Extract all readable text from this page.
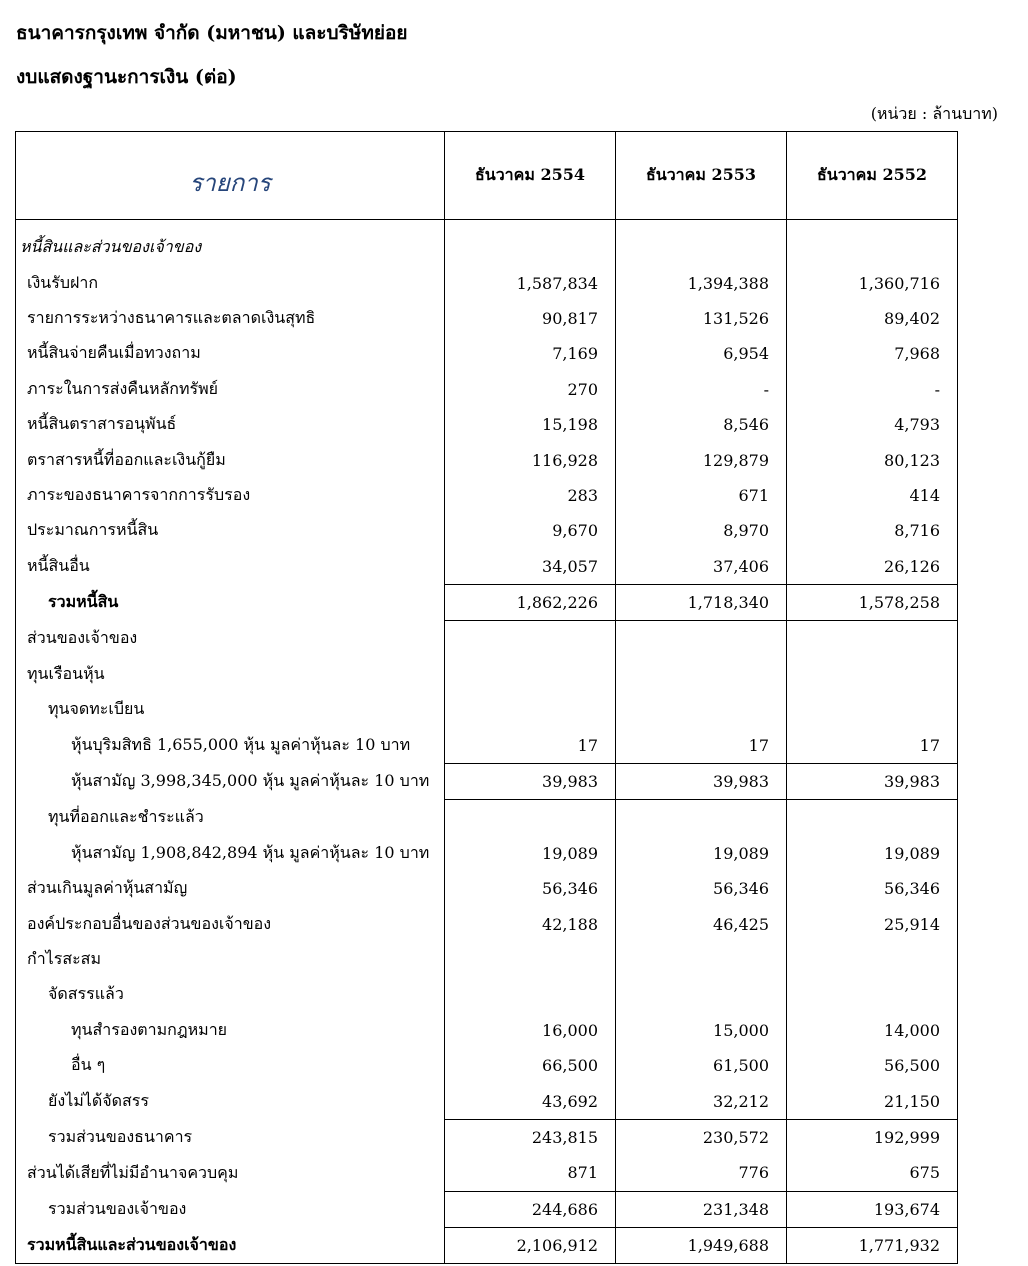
ธนาคารกรุงเทพ จำกัด (มหาชน) และบริษัทย่อย
งบแสดงฐานะการเงิน (ต่อ)
(หน่วย : ล้านบาท)
รายการ	ธันวาคม 2554	ธันวาคม 2553	ธันวาคม 2552
หนี้สินและส่วนของเจ้าของ			
เงินรับฝาก	1,587,834	1,394,388	1,360,716
รายการระหว่างธนาคารและตลาดเงินสุทธิ	90,817	131,526	89,402
หนี้สินจ่ายคืนเมื่อทวงถาม	7,169	6,954	7,968
ภาระในการส่งคืนหลักทรัพย์	270	-	-
หนี้สินตราสารอนุพันธ์	15,198	8,546	4,793
ตราสารหนี้ที่ออกและเงินกู้ยืม	116,928	129,879	80,123
ภาระของธนาคารจากการรับรอง	283	671	414
ประมาณการหนี้สิน	9,670	8,970	8,716
หนี้สินอื่น	34,057	37,406	26,126
รวมหนี้สิน	1,862,226	1,718,340	1,578,258
ส่วนของเจ้าของ			
ทุนเรือนหุ้น			
ทุนจดทะเบียน			
หุ้นบุริมสิทธิ 1,655,000 หุ้น มูลค่าหุ้นละ 10 บาท	17	17	17
หุ้นสามัญ 3,998,345,000 หุ้น มูลค่าหุ้นละ 10 บาท	39,983	39,983	39,983
ทุนที่ออกและชำระแล้ว			
หุ้นสามัญ 1,908,842,894 หุ้น มูลค่าหุ้นละ 10 บาท	19,089	19,089	19,089
ส่วนเกินมูลค่าหุ้นสามัญ	56,346	56,346	56,346
องค์ประกอบอื่นของส่วนของเจ้าของ	42,188	46,425	25,914
กำไรสะสม			
จัดสรรแล้ว			
ทุนสำรองตามกฎหมาย	16,000	15,000	14,000
อื่น ๆ	66,500	61,500	56,500
ยังไม่ได้จัดสรร	43,692	32,212	21,150
รวมส่วนของธนาคาร	243,815	230,572	192,999
ส่วนได้เสียที่ไม่มีอำนาจควบคุม	871	776	675
รวมส่วนของเจ้าของ	244,686	231,348	193,674
รวมหนี้สินและส่วนของเจ้าของ	2,106,912	1,949,688	1,771,932
